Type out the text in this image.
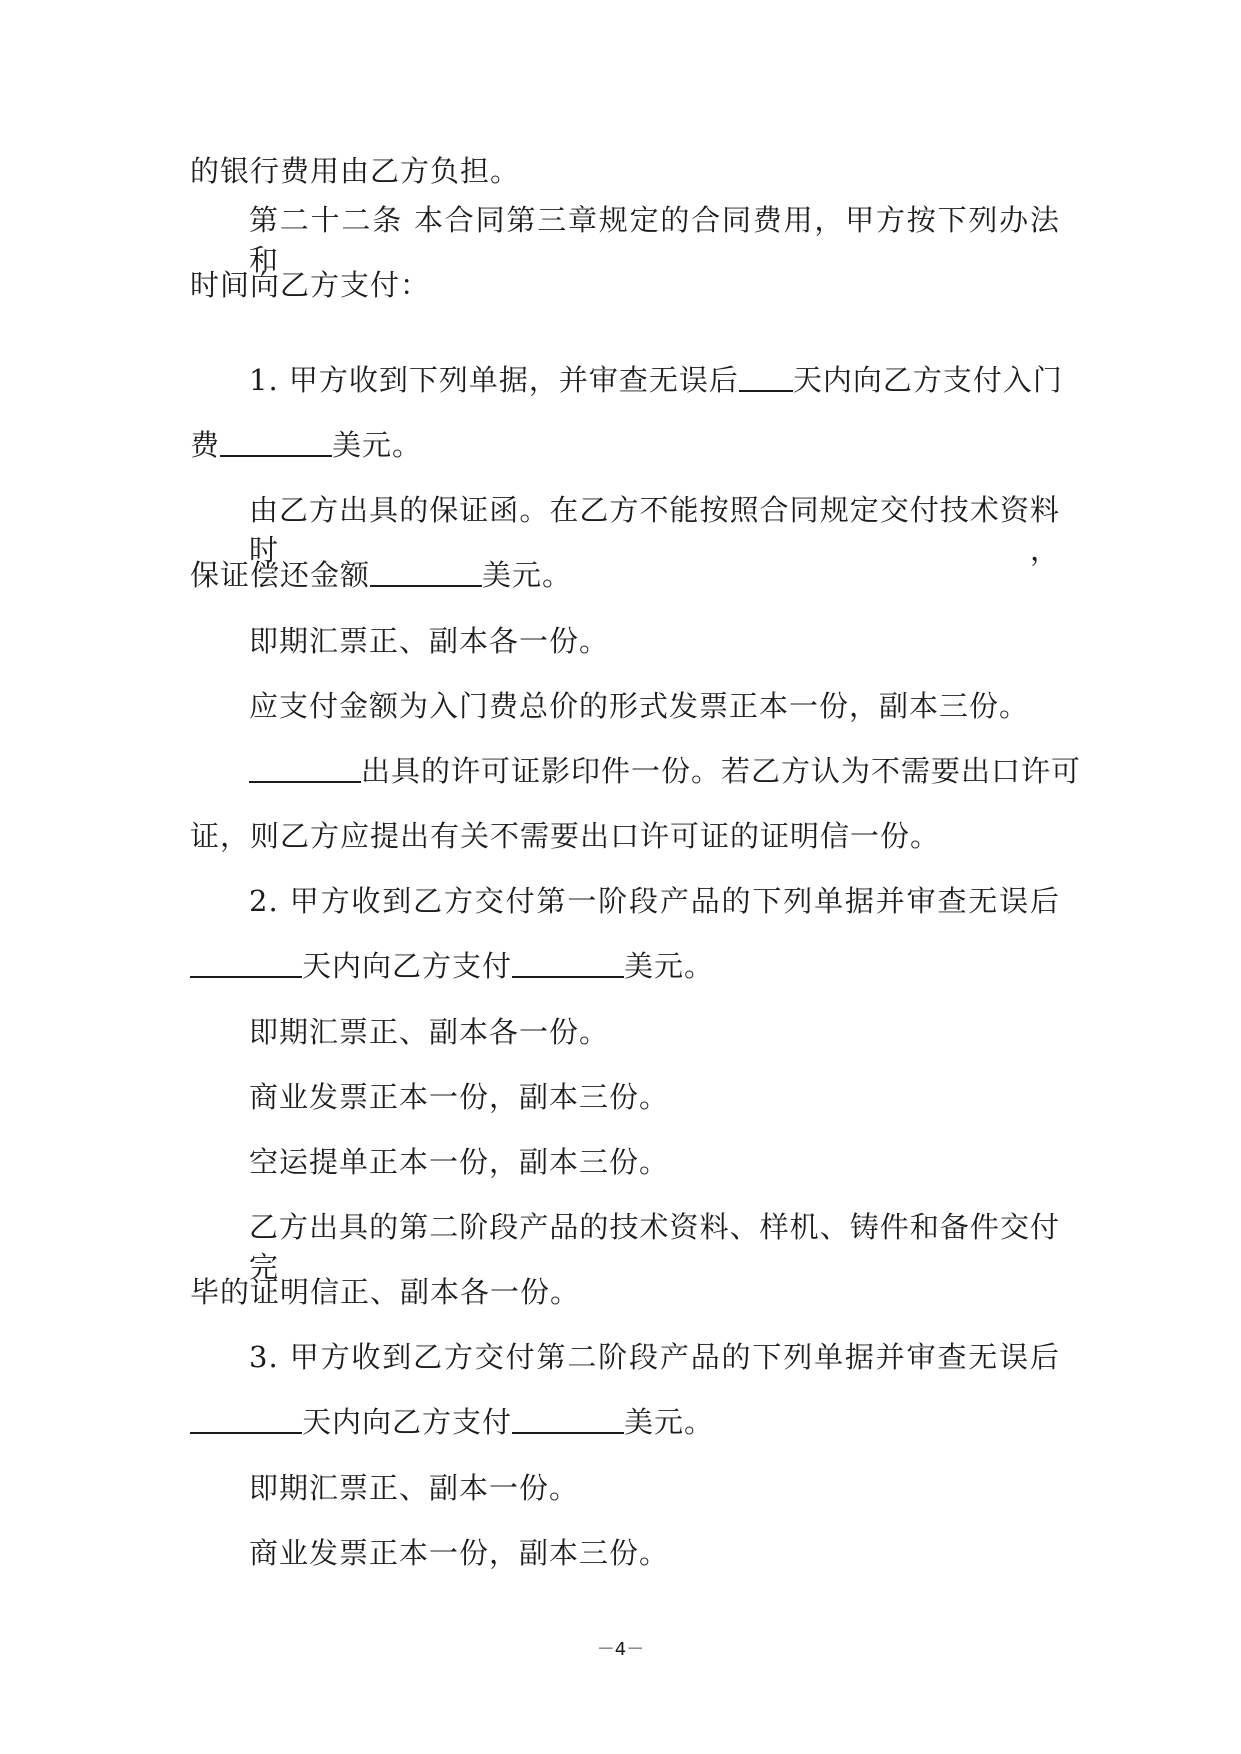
的银行费用由乙方负担。
第二十二条 本合同第三章规定的合同费用，甲方按下列办法和
时间向乙方支付：
1. 甲方收到下列单据，并审查无误后 天内向乙方支付入门
费	美元。
由乙方出具的保证函。在乙方不能按照合同规定交付技术资料时，
保证偿还金额	美元。
即期汇票正、副本各一份。
应支付金额为入门费总价的形式发票正本一份，副本三份。
出具的许可证影印件一份。若乙方认为不需要出口许可
证，则乙方应提出有关不需要出口许可证的证明信一份。
2. 甲方收到乙方交付第一阶段产品的下列单据并审查无误后
天内向乙方支付	美元。
即期汇票正、副本各一份。
商业发票正本一份，副本三份。
空运提单正本一份，副本三份。
乙方出具的第二阶段产品的技术资料、样机、铸件和备件交付完
毕的证明信正、副本各一份。
3. 甲方收到乙方交付第二阶段产品的下列单据并审查无误后
天内向乙方支付	美元。
即期汇票正、副本一份。
商业发票正本一份，副本三份。
－4－
